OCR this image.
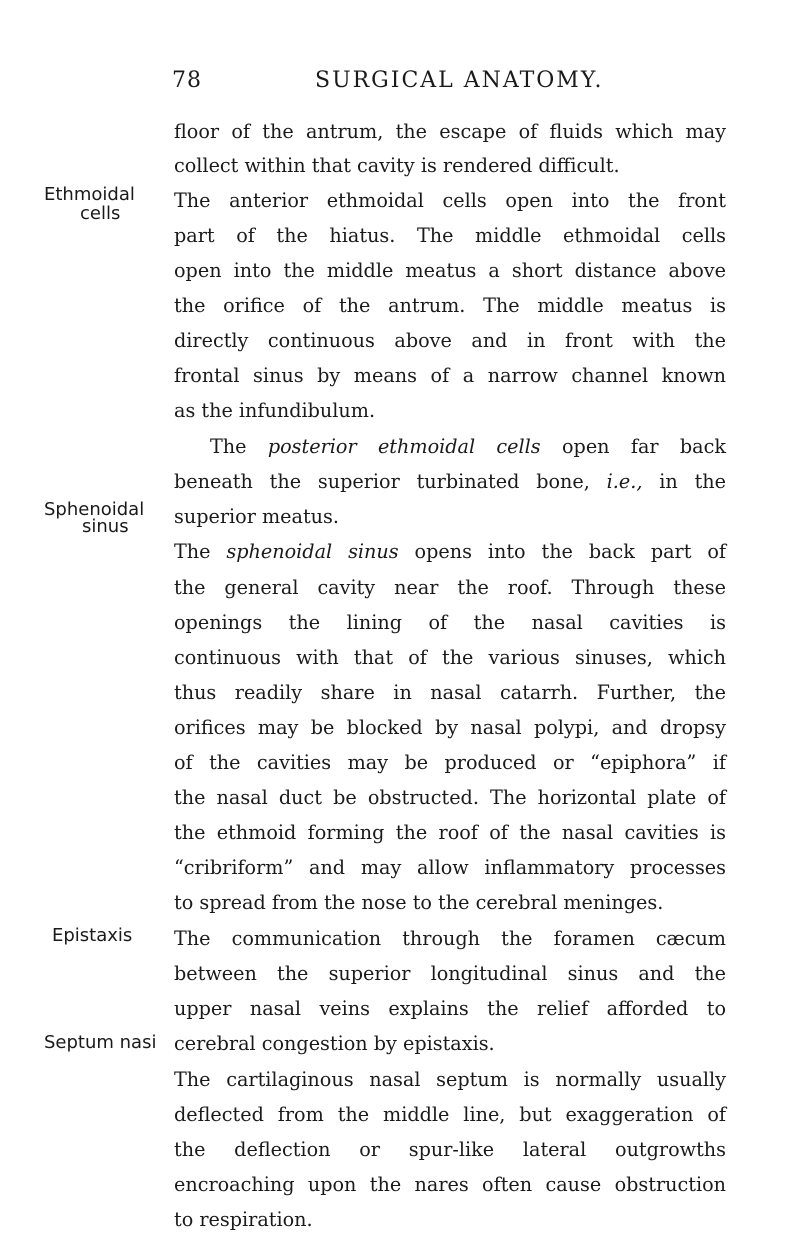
78	SURGICAL ANATOMY.
Ethmoidal
cells
Sphenoidal
sinus
Epistaxis
Septum nasi
floor of the antrum, the escape of fluids which may
collect within that cavity is rendered difficult.
The anterior ethmoidal cells open into the front
part of the hiatus. The middle ethmoidal cells
open into the middle meatus a short distance above
the orifice of the antrum. The middle meatus is
directly continuous above and in front with the
frontal sinus by means of a narrow channel known
as the infundibulum.
The posterior ethmoidal cells open far back
beneath the superior turbinated bone, i.e., in the
superior meatus.
The sphenoidal sinus opens into the back part of
the general cavity near the roof. Through these
openings the lining of the nasal cavities is
continuous with that of the various sinuses, which
thus readily share in nasal catarrh. Further, the
orifices may be blocked by nasal polypi, and dropsy
of the cavities may be produced or “epiphora” if
the nasal duct be obstructed. The horizontal plate of
the ethmoid forming the roof of the nasal cavities is
“cribriform” and may allow inflammatory processes
to spread from the nose to the cerebral meninges.
The communication through the foramen cæcum
between the superior longitudinal sinus and the
upper nasal veins explains the relief afforded to
cerebral congestion by epistaxis.
The cartilaginous nasal septum is normally usually
deflected from the middle line, but exaggeration of
the deflection or spur-like lateral outgrowths
encroaching upon the nares often cause obstruction
to respiration.
